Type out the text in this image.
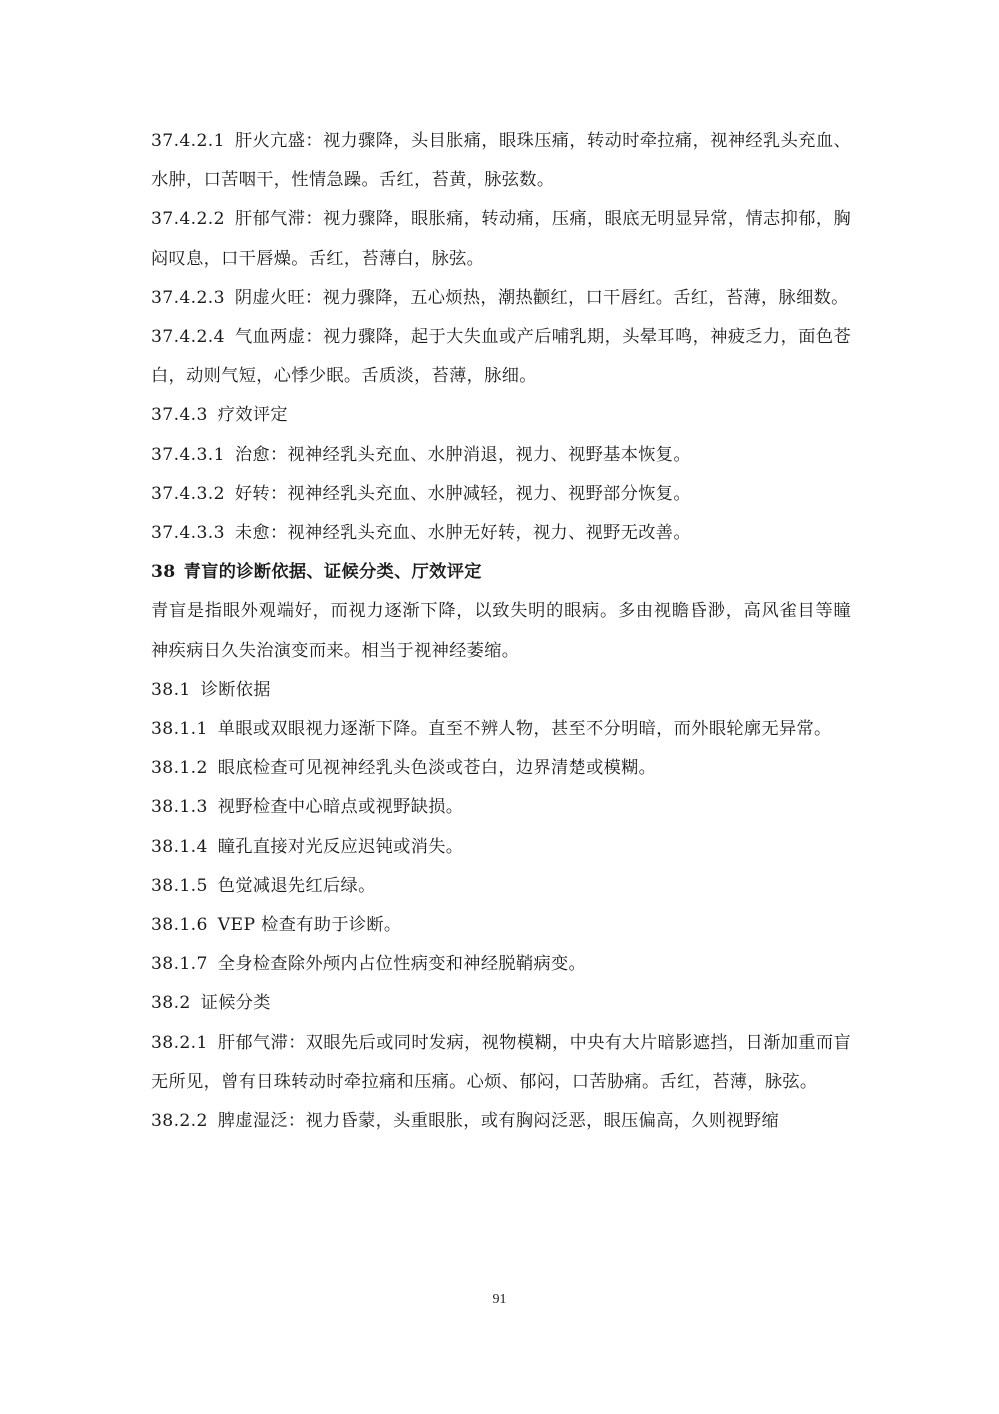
37.4.2.1 肝火亢盛：视力骤降，头目胀痛，眼珠压痛，转动时牵拉痛，视神经乳头充血、水肿，口苦咽干，性情急躁。舌红，苔黄，脉弦数。

37.4.2.2 肝郁气滞：视力骤降，眼胀痛，转动痛，压痛，眼底无明显异常，情志抑郁，胸闷叹息，口干唇燥。舌红，苔薄白，脉弦。

37.4.2.3 阴虚火旺：视力骤降，五心烦热，潮热颧红，口干唇红。舌红，苔薄，脉细数。

37.4.2.4 气血两虚：视力骤降，起于大失血或产后哺乳期，头晕耳鸣，神疲乏力，面色苍白，动则气短，心悸少眠。舌质淡，苔薄，脉细。

37.4.3 疗效评定

37.4.3.1 治愈：视神经乳头充血、水肿消退，视力、视野基本恢复。

37.4.3.2 好转：视神经乳头充血、水肿减轻，视力、视野部分恢复。

37.4.3.3 未愈：视神经乳头充血、水肿无好转，视力、视野无改善。

38 青盲的诊断依据、证候分类、厅效评定

青盲是指眼外观端好，而视力逐渐下降，以致失明的眼病。多由视瞻昏渺，高风雀目等瞳神疾病日久失治演变而来。相当于视神经萎缩。

38.1 诊断依据

38.1.1 单眼或双眼视力逐渐下降。直至不辨人物，甚至不分明暗，而外眼轮廓无异常。

38.1.2 眼底检查可见视神经乳头色淡或苍白，边界清楚或模糊。

38.1.3 视野检查中心暗点或视野缺损。

38.1.4 瞳孔直接对光反应迟钝或消失。

38.1.5 色觉减退先红后绿。

38.1.6 VEP 检查有助于诊断。

38.1.7 全身检查除外颅内占位性病变和神经脱鞘病变。

38.2 证候分类

38.2.1 肝郁气滞：双眼先后或同时发病，视物模糊，中央有大片暗影遮挡，日渐加重而盲无所见，曾有日珠转动时牵拉痛和压痛。心烦、郁闷，口苦胁痛。舌红，苔薄，脉弦。

38.2.2 脾虚湿泛：视力昏蒙，头重眼胀，或有胸闷泛恶，眼压偏高，久则视野缩

91
